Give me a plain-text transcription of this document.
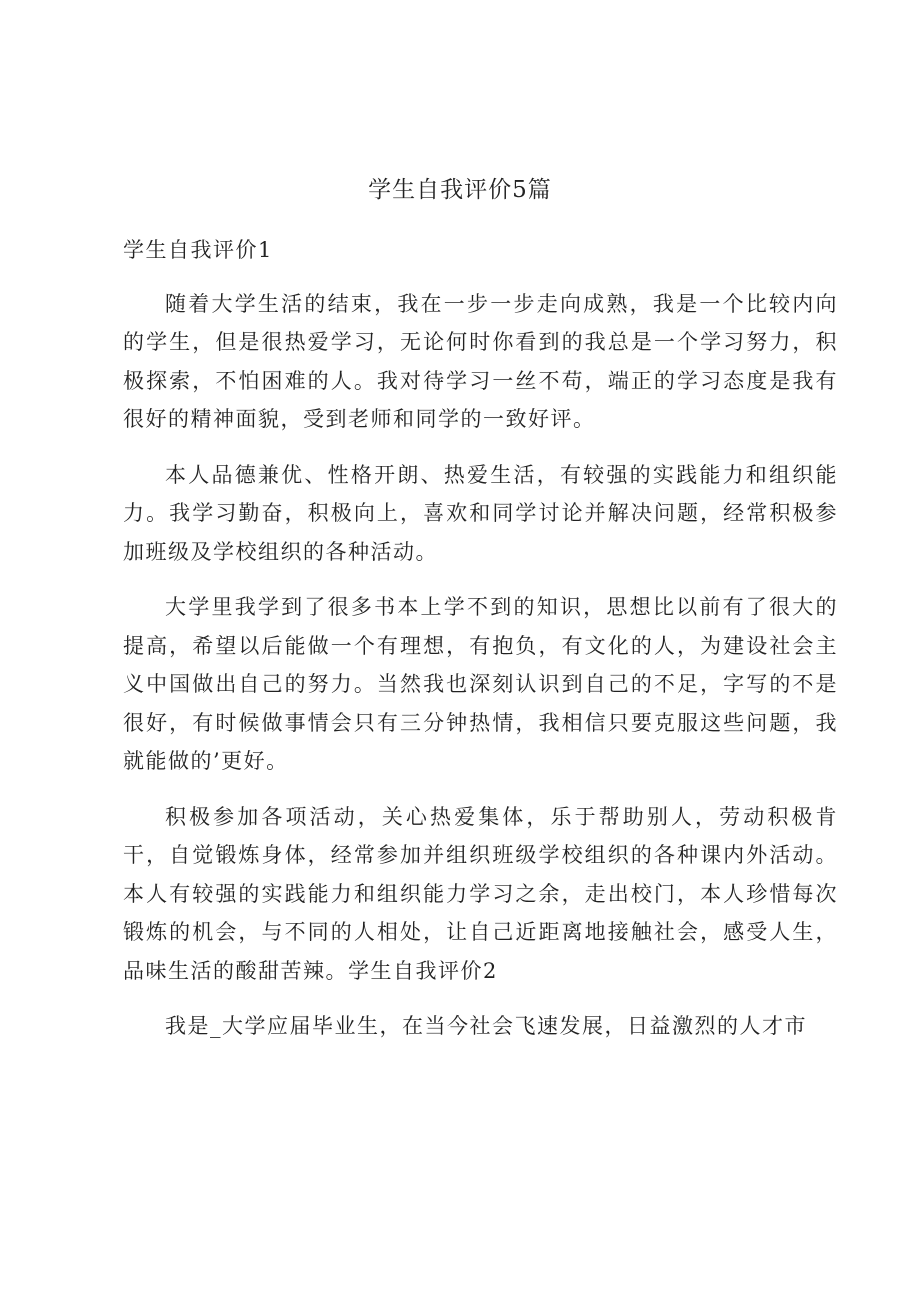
学生自我评价5篇

学生自我评价1

随着大学生活的结束，我在一步一步走向成熟，我是一个比较内向的学生，但是很热爱学习，无论何时你看到的我总是一个学习努力，积极探索，不怕困难的人。我对待学习一丝不苟，端正的学习态度是我有很好的精神面貌，受到老师和同学的一致好评。

本人品德兼优、性格开朗、热爱生活，有较强的实践能力和组织能力。我学习勤奋，积极向上，喜欢和同学讨论并解决问题，经常积极参加班级及学校组织的各种活动。

大学里我学到了很多书本上学不到的知识，思想比以前有了很大的提高，希望以后能做一个有理想，有抱负，有文化的人，为建设社会主义中国做出自己的努力。当然我也深刻认识到自己的不足，字写的不是很好，有时候做事情会只有三分钟热情，我相信只要克服这些问题，我就能做的’更好。

积极参加各项活动，关心热爱集体，乐于帮助别人，劳动积极肯干，自觉锻炼身体，经常参加并组织班级学校组织的各种课内外活动。本人有较强的实践能力和组织能力学习之余，走出校门，本人珍惜每次锻炼的机会，与不同的人相处，让自己近距离地接触社会，感受人生，品味生活的酸甜苦辣。学生自我评价2

我是_大学应届毕业生，在当今社会飞速发展，日益激烈的人才市
